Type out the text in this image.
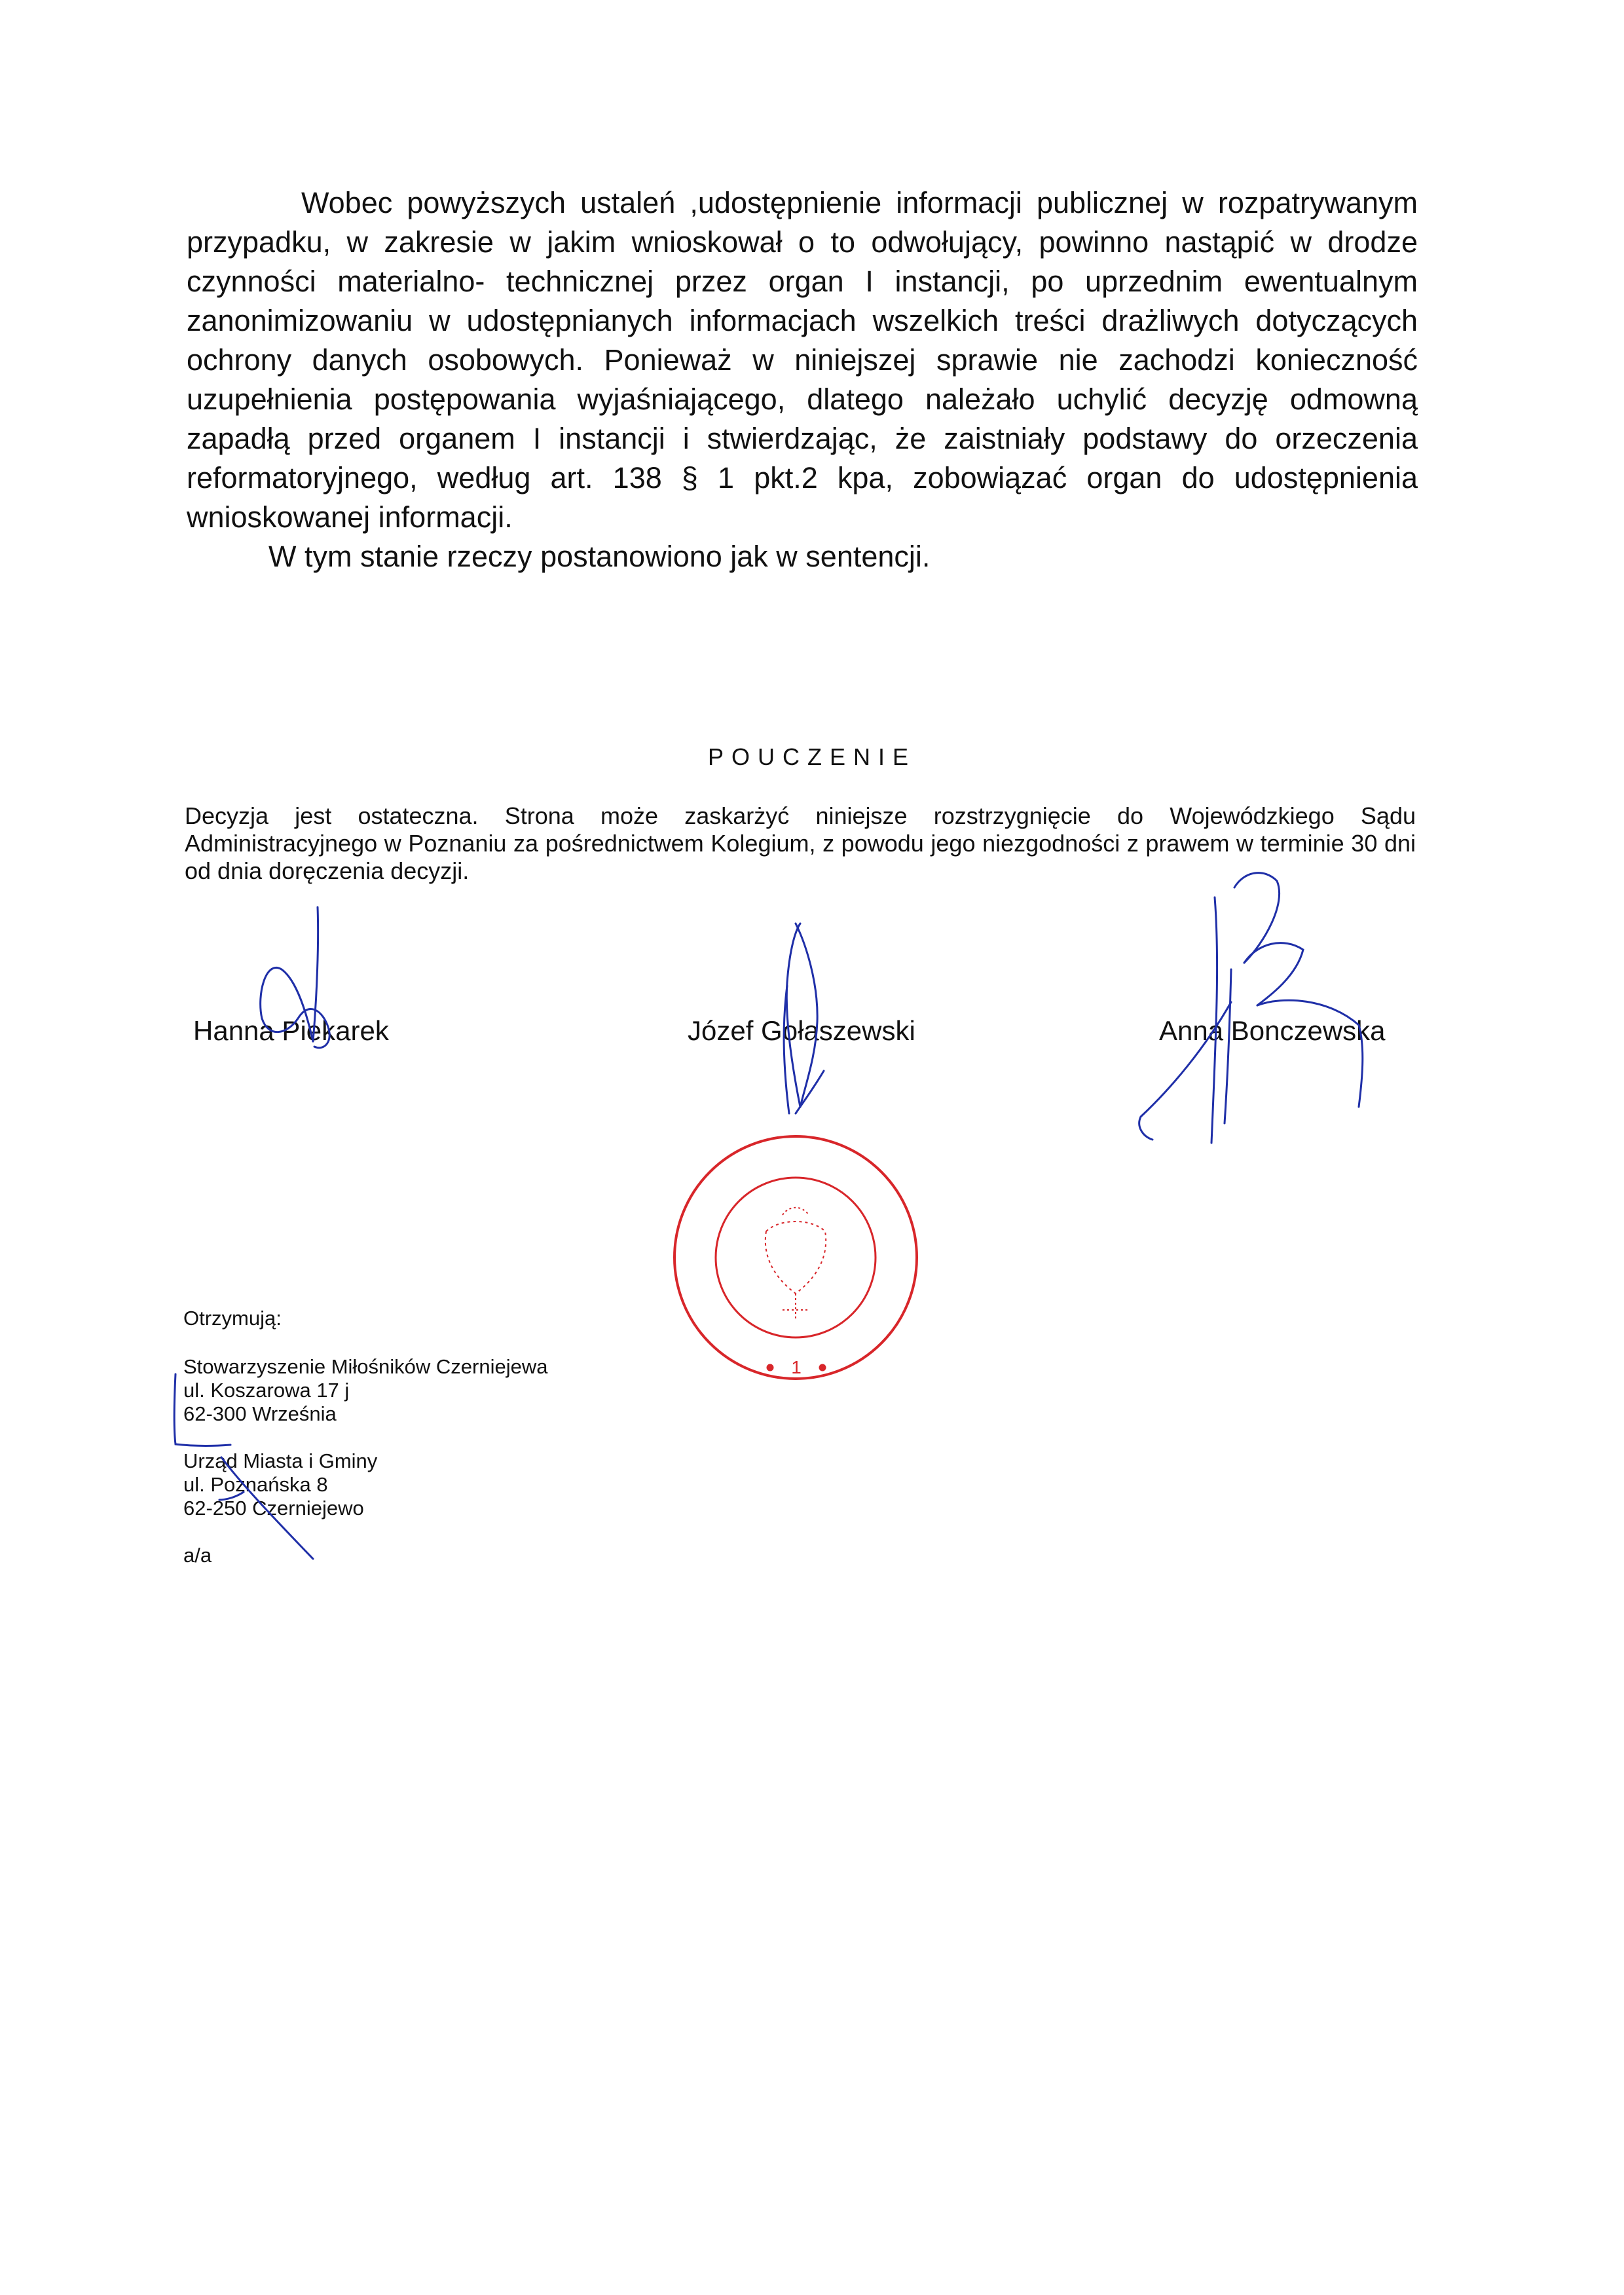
Wobec powyższych ustaleń ,udostępnienie informacji publicznej w rozpatrywanym przypadku, w zakresie w jakim wnioskował o to odwołujący, powinno nastąpić w drodze czynności materialno- technicznej przez organ I instancji, po uprzednim ewentualnym zanonimizowaniu w udostępnianych informacjach wszelkich treści drażliwych dotyczących ochrony danych osobowych. Ponieważ w niniejszej sprawie nie zachodzi konieczność uzupełnienia postępowania wyjaśniającego, dlatego należało uchylić decyzję odmowną zapadłą przed organem I instancji i stwierdzając, że zaistniały podstawy do orzeczenia reformatoryjnego, według art. 138 § 1 pkt.2 kpa, zobowiązać organ do udostępnienia wnioskowanej informacji.

W tym stanie rzeczy postanowiono jak w sentencji.

POUCZENIE

Decyzja jest ostateczna. Strona może zaskarżyć niniejsze rozstrzygnięcie do Wojewódzkiego Sądu Administracyjnego w Poznaniu za pośrednictwem Kolegium, z powodu jego niezgodności z prawem w terminie 30 dni od dnia doręczenia decyzji.

Hanna Piekarek	Józef Gołaszewski	Anna Bonczewska
Otrzymują:
Stowarzyszenie Miłośników Czerniejewa
ul. Koszarowa 17 j
62-300 Września
Urząd Miasta i Gminy
ul. Poznańska 8
62-250 Czerniejewo
a/a
1
